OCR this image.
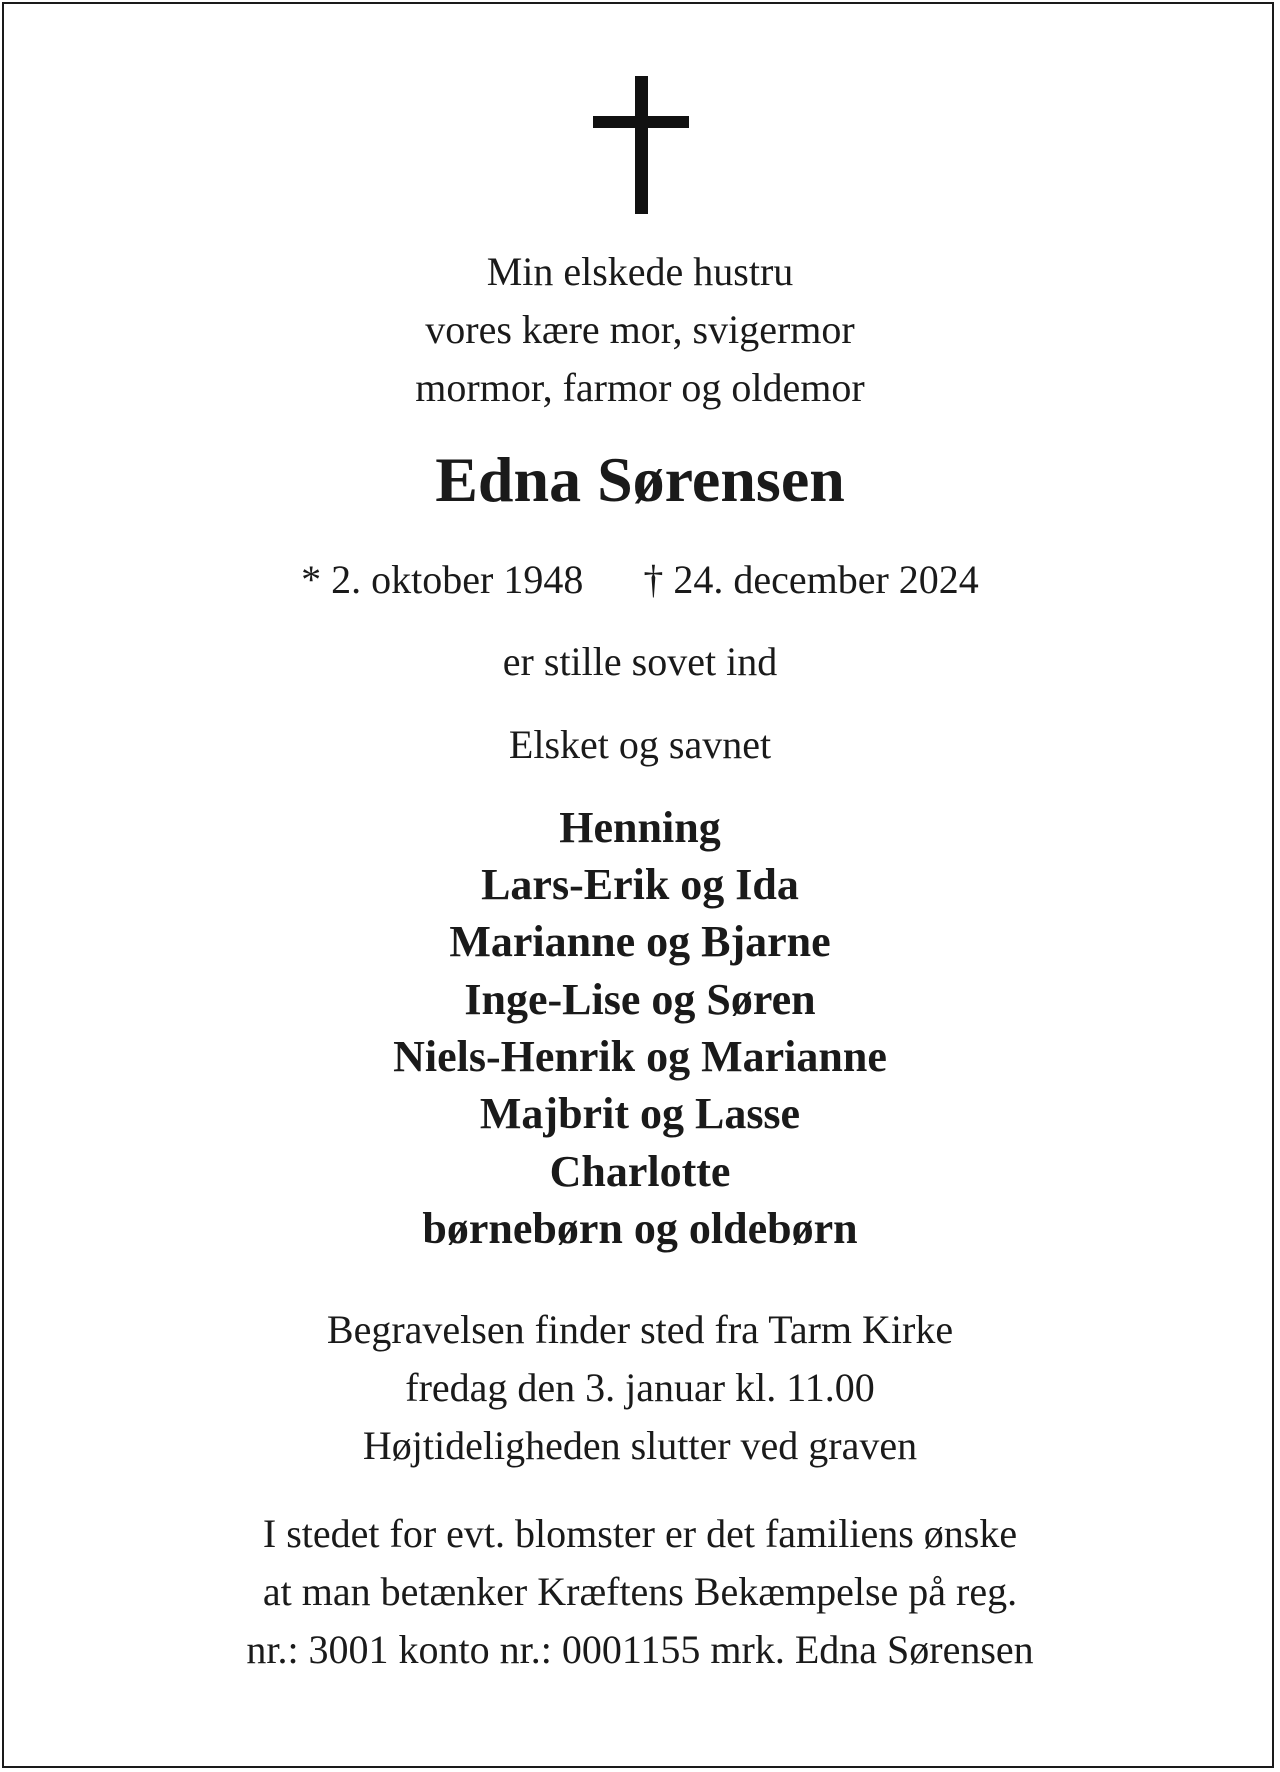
Min elskede hustru
vores kære mor, svigermor
mormor, farmor og oldemor
Edna Sørensen
* 2. oktober 1948 † 24. december 2024
er stille sovet ind
Elsket og savnet
Henning
Lars-Erik og Ida
Marianne og Bjarne
Inge-Lise og Søren
Niels-Henrik og Marianne
Majbrit og Lasse
Charlotte
børnebørn og oldebørn
Begravelsen finder sted fra Tarm Kirke
fredag den 3. januar kl. 11.00
Højtideligheden slutter ved graven
I stedet for evt. blomster er det familiens ønske
at man betænker Kræftens Bekæmpelse på reg.
nr.: 3001 konto nr.: 0001155 mrk. Edna Sørensen
